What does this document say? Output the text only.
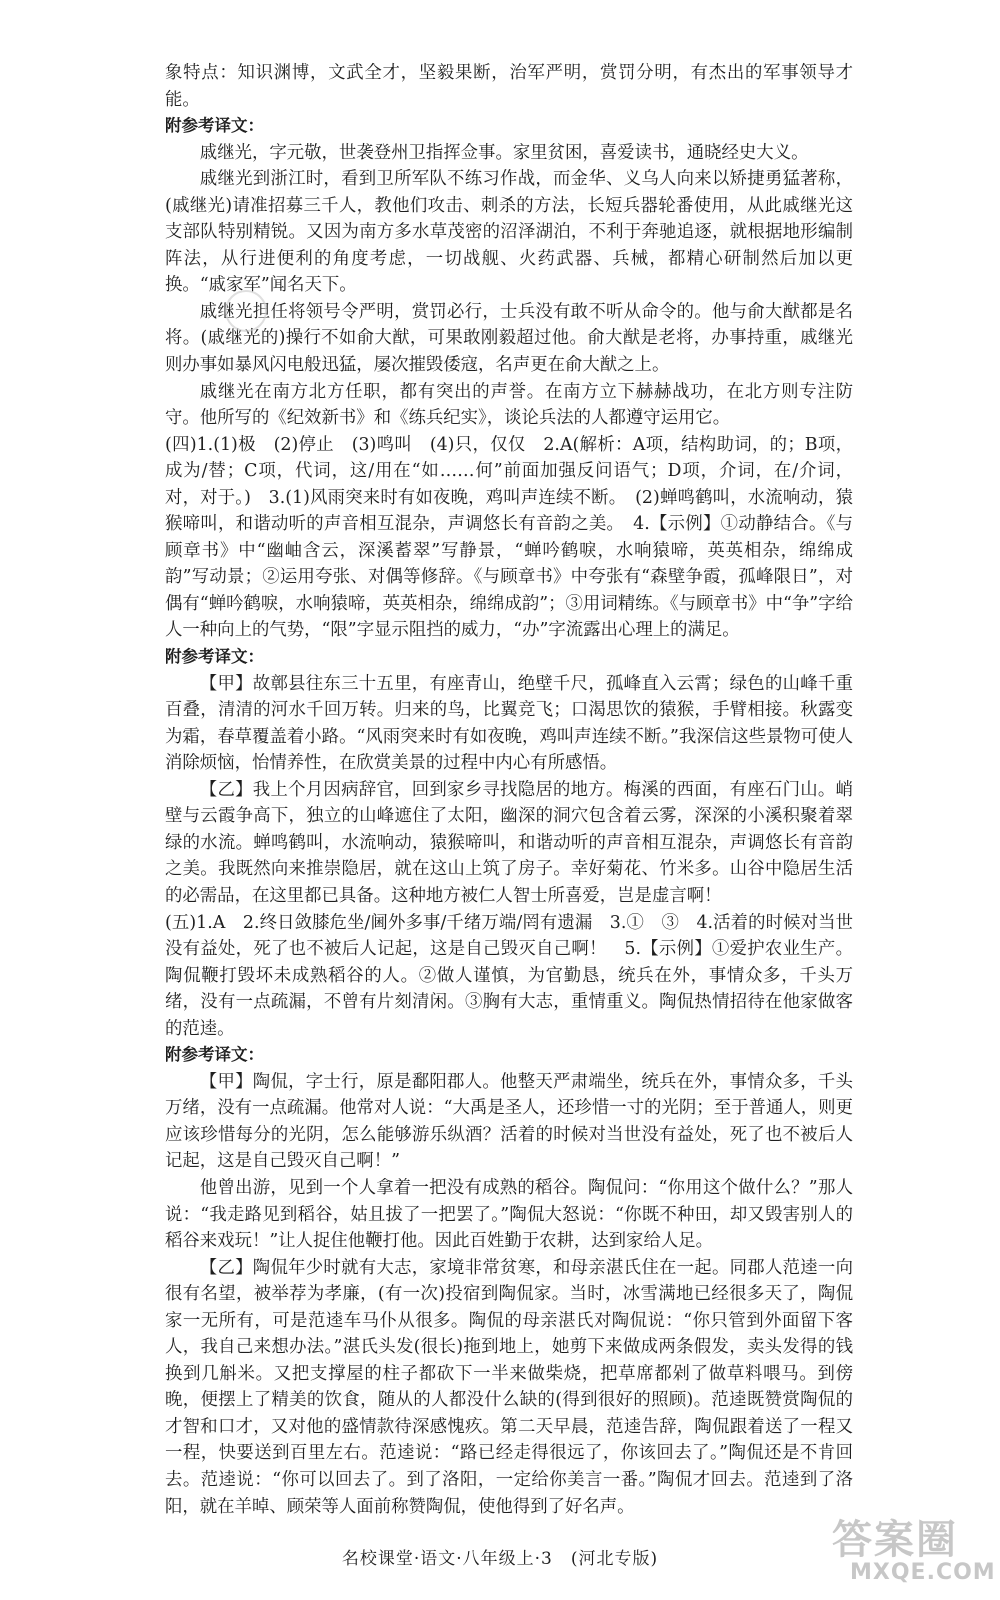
象特点：知识渊博，文武全才，坚毅果断，治军严明，赏罚分明，有杰出的军事领导才能。

附参考译文：

戚继光，字元敬，世袭登州卫指挥佥事。家里贫困，喜爱读书，通晓经史大义。

戚继光到浙江时，看到卫所军队不练习作战，而金华、义乌人向来以矫捷勇猛著称，(戚继光)请准招募三千人，教他们攻击、刺杀的方法，长短兵器轮番使用，从此戚继光这支部队特别精锐。又因为南方多水草茂密的沼泽湖泊，不利于奔驰追逐，就根据地形编制阵法，从行进便利的角度考虑，一切战舰、火药武器、兵械，都精心研制然后加以更换。“戚家军”闻名天下。

戚继光担任将领号令严明，赏罚必行，士兵没有敢不听从命令的。他与俞大猷都是名将。(戚继光的)操行不如俞大猷，可果敢刚毅超过他。俞大猷是老将，办事持重，戚继光则办事如暴风闪电般迅猛，屡次摧毁倭寇，名声更在俞大猷之上。

戚继光在南方北方任职，都有突出的声誉。在南方立下赫赫战功，在北方则专注防守。他所写的《纪效新书》和《练兵纪实》，谈论兵法的人都遵守运用它。

(四)1.(1)极　(2)停止　(3)鸣叫　(4)只，仅仅　2.A(解析：A项，结构助词，的；B项，成为/替；C项，代词，这/用在“如……何”前面加强反问语气；D项，介词，在/介词，对，对于。)　3.(1)风雨突来时有如夜晚，鸡叫声连续不断。　(2)蝉鸣鹤叫，水流响动，猿猴啼叫，和谐动听的声音相互混杂，声调悠长有音韵之美。　4.【示例】①动静结合。《与顾章书》中“幽岫含云，深溪蓄翠”写静景，“蝉吟鹤唳，水响猿啼，英英相杂，绵绵成韵”写动景；②运用夸张、对偶等修辞。《与顾章书》中夸张有“森壁争霞，孤峰限日”，对偶有“蝉吟鹤唳，水响猿啼，英英相杂，绵绵成韵”；③用词精练。《与顾章书》中“争”字给人一种向上的气势，“限”字显示阻挡的威力，“办”字流露出心理上的满足。

附参考译文：

【甲】故鄣县往东三十五里，有座青山，绝壁千尺，孤峰直入云霄；绿色的山峰千重百叠，清清的河水千回万转。归来的鸟，比翼竞飞；口渴思饮的猿猴，手臂相接。秋露变为霜，春草覆盖着小路。“风雨突来时有如夜晚，鸡叫声连续不断。”我深信这些景物可使人消除烦恼，怡情养性，在欣赏美景的过程中内心有所感悟。

【乙】我上个月因病辞官，回到家乡寻找隐居的地方。梅溪的西面，有座石门山。峭壁与云霞争高下，独立的山峰遮住了太阳，幽深的洞穴包含着云雾，深深的小溪积聚着翠绿的水流。蝉鸣鹤叫，水流响动，猿猴啼叫，和谐动听的声音相互混杂，声调悠长有音韵之美。我既然向来推崇隐居，就在这山上筑了房子。幸好菊花、竹米多。山谷中隐居生活的必需品，在这里都已具备。这种地方被仁人智士所喜爱，岂是虚言啊！

(五)1.A　2.终日敛膝危坐/阃外多事/千绪万端/罔有遗漏　3.①　③　4.活着的时候对当世没有益处，死了也不被后人记起，这是自己毁灭自己啊！　5.【示例】①爱护农业生产。陶侃鞭打毁坏未成熟稻谷的人。②做人谨慎，为官勤恳，统兵在外，事情众多，千头万绪，没有一点疏漏，不曾有片刻清闲。③胸有大志，重情重义。陶侃热情招待在他家做客的范逵。

附参考译文：

【甲】陶侃，字士行，原是鄱阳郡人。他整天严肃端坐，统兵在外，事情众多，千头万绪，没有一点疏漏。他常对人说：“大禹是圣人，还珍惜一寸的光阴；至于普通人，则更应该珍惜每分的光阴，怎么能够游乐纵酒？活着的时候对当世没有益处，死了也不被后人记起，这是自己毁灭自己啊！”

他曾出游，见到一个人拿着一把没有成熟的稻谷。陶侃问：“你用这个做什么？”那人说：“我走路见到稻谷，姑且拔了一把罢了。”陶侃大怒说：“你既不种田，却又毁害别人的稻谷来戏玩！”让人捉住他鞭打他。因此百姓勤于农耕，达到家给人足。

【乙】陶侃年少时就有大志，家境非常贫寒，和母亲湛氏住在一起。同郡人范逵一向很有名望，被举荐为孝廉，(有一次)投宿到陶侃家。当时，冰雪满地已经很多天了，陶侃家一无所有，可是范逵车马仆从很多。陶侃的母亲湛氏对陶侃说：“你只管到外面留下客人，我自己来想办法。”湛氏头发(很长)拖到地上，她剪下来做成两条假发，卖头发得的钱换到几斛米。又把支撑屋的柱子都砍下一半来做柴烧，把草席都剁了做草料喂马。到傍晚，便摆上了精美的饮食，随从的人都没什么缺的(得到很好的照顾)。范逵既赞赏陶侃的才智和口才，又对他的盛情款待深感愧疚。第二天早晨，范逵告辞，陶侃跟着送了一程又一程，快要送到百里左右。范逵说：“路已经走得很远了，你该回去了。”陶侃还是不肯回去。范逵说：“你可以回去了。到了洛阳，一定给你美言一番。”陶侃才回去。范逵到了洛阳，就在羊晫、顾荣等人面前称赞陶侃，使他得到了好名声。

名校课堂·语文·八年级上·3　(河北专版)	答案圈
MXQE.COM
